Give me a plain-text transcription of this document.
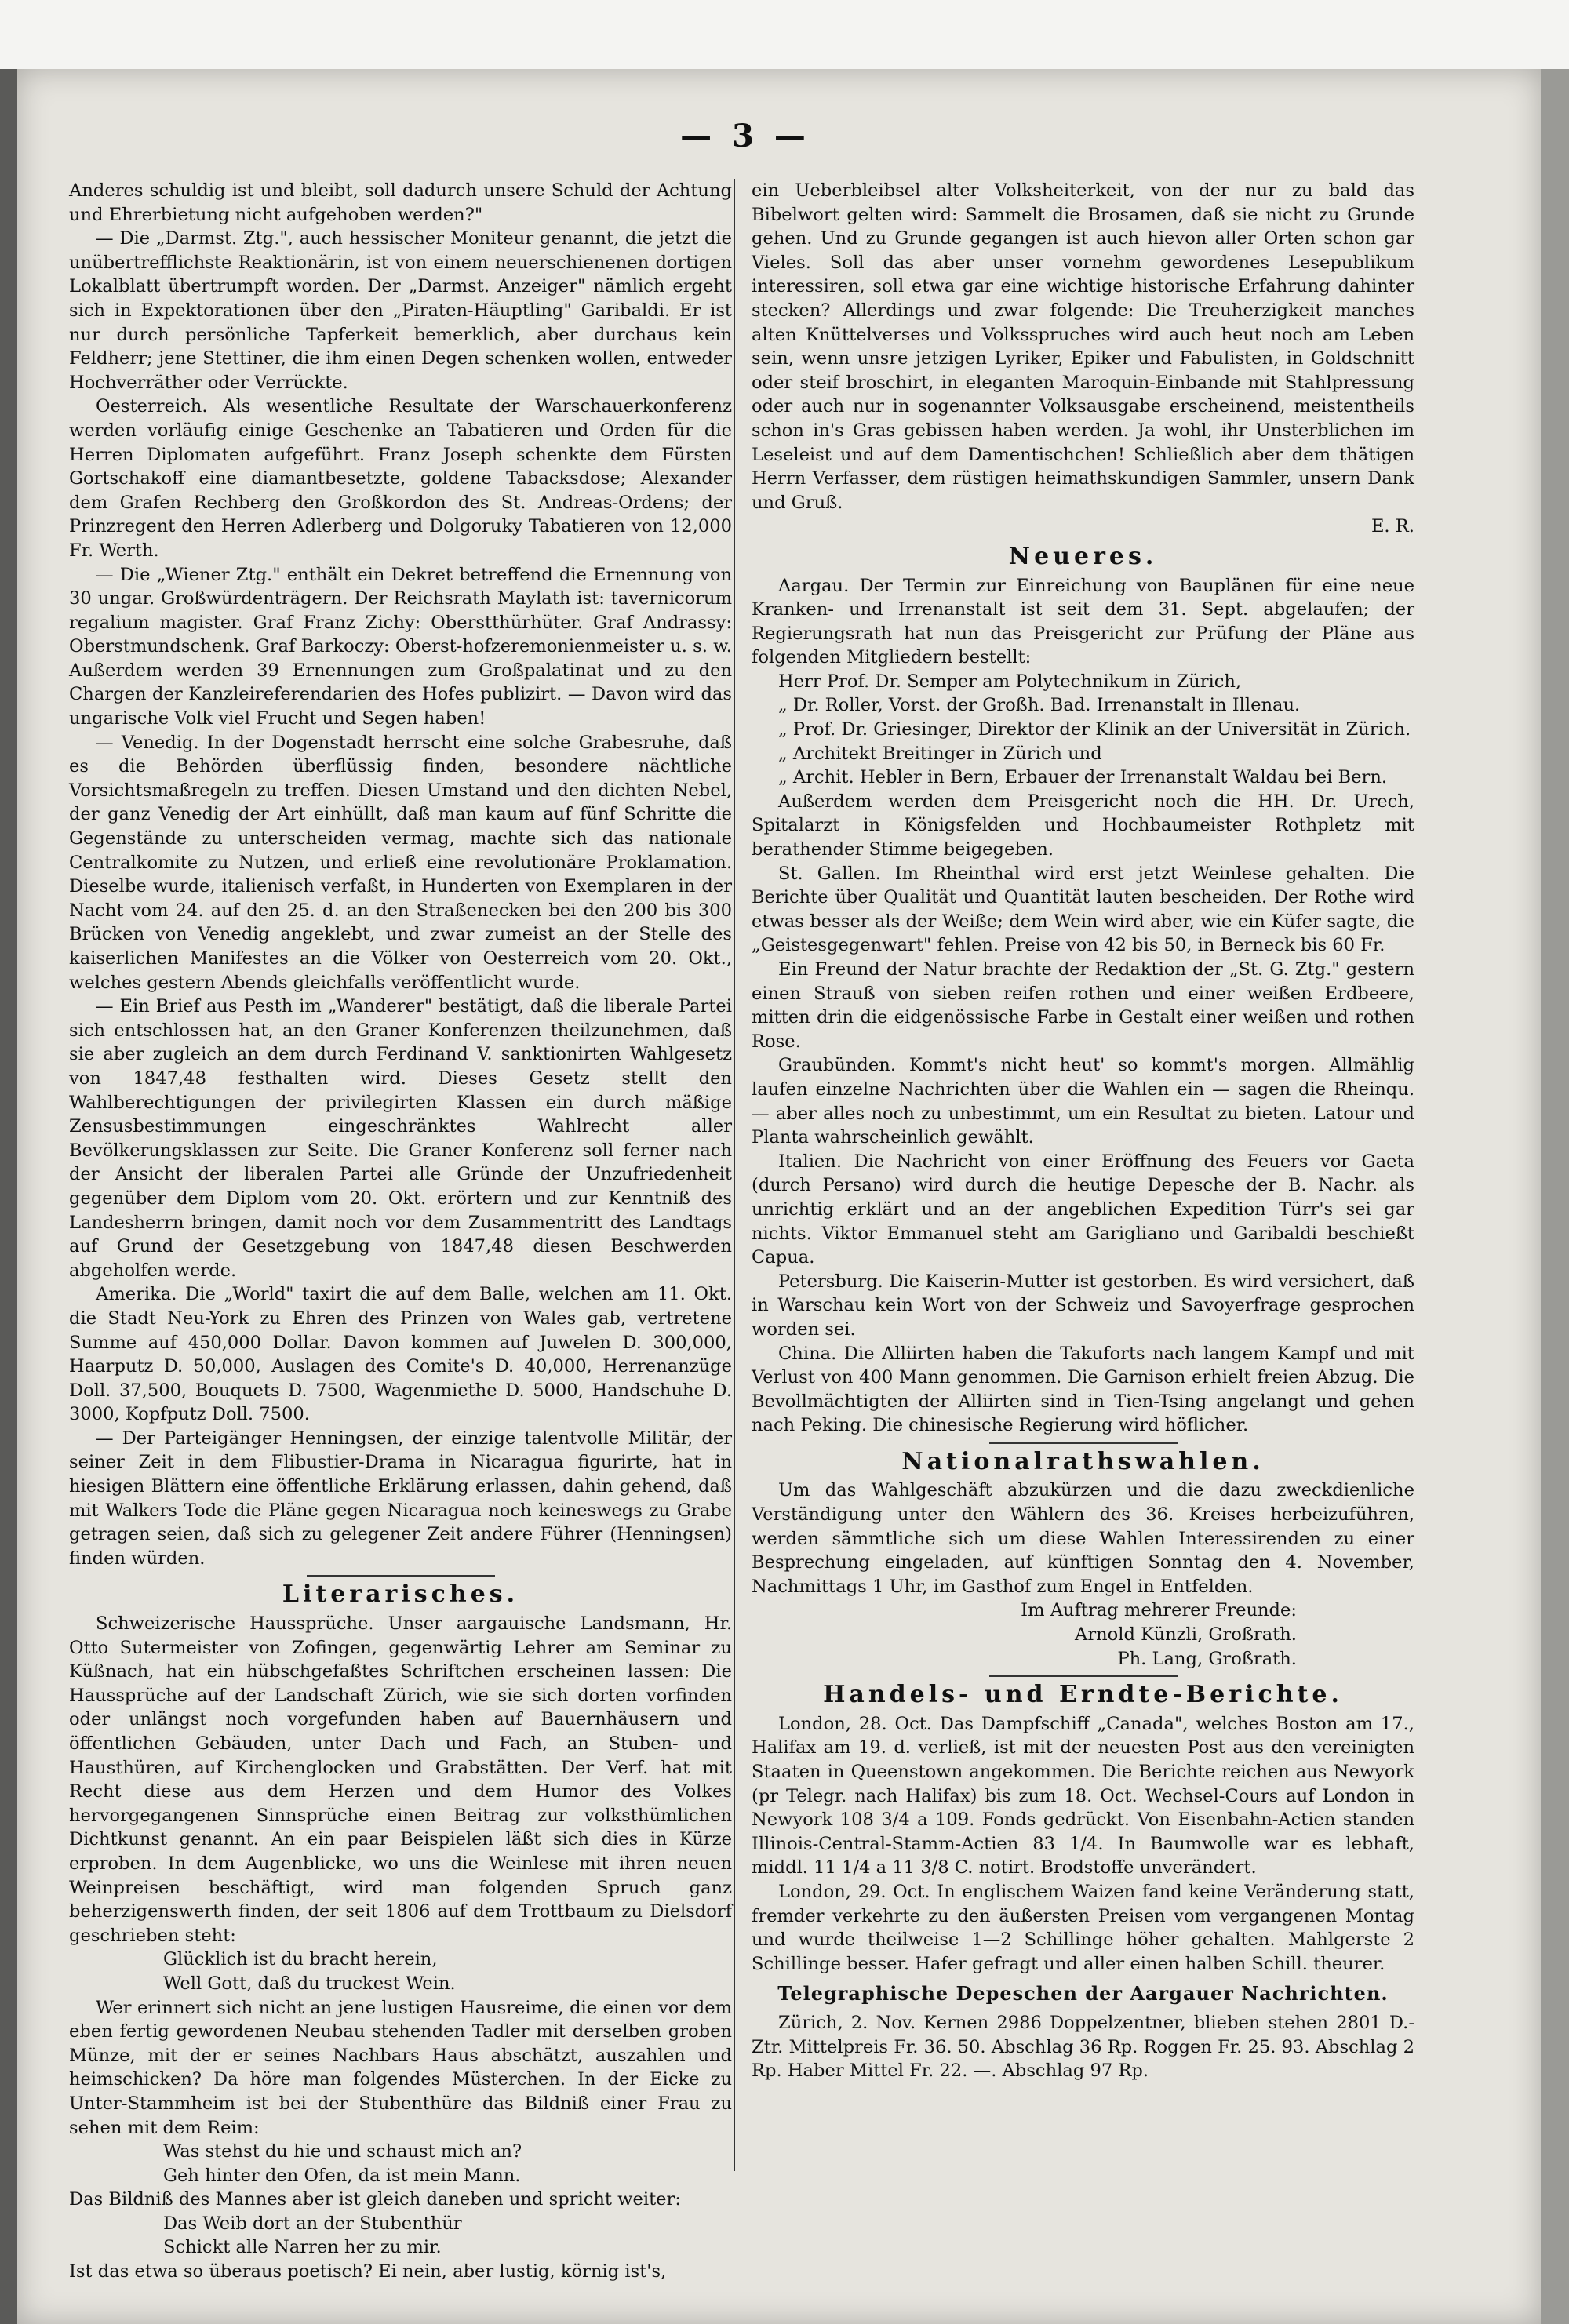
— 3 —

Anderes schuldig ist und bleibt, soll dadurch unsere Schuld der Achtung und Ehrerbietung nicht aufgehoben werden?"

— Die „Darmst. Ztg.", auch hessischer Moniteur genannt, die jetzt die unübertrefflichste Reaktionärin, ist von einem neuerschienenen dortigen Lokalblatt übertrumpft worden. Der „Darmst. Anzeiger" nämlich ergeht sich in Expektorationen über den „Piraten-Häuptling" Garibaldi. Er ist nur durch persönliche Tapferkeit bemerklich, aber durchaus kein Feldherr; jene Stettiner, die ihm einen Degen schenken wollen, entweder Hochverräther oder Verrückte.

Oesterreich. Als wesentliche Resultate der Warschauerkonferenz werden vorläufig einige Geschenke an Tabatieren und Orden für die Herren Diplomaten aufgeführt. Franz Joseph schenkte dem Fürsten Gortschakoff eine diamantbesetzte, goldene Tabacksdose; Alexander dem Grafen Rechberg den Großkordon des St. Andreas-Ordens; der Prinzregent den Herren Adlerberg und Dolgoruky Tabatieren von 12,000 Fr. Werth.

— Die „Wiener Ztg." enthält ein Dekret betreffend die Ernennung von 30 ungar. Großwürdenträgern. Der Reichsrath Maylath ist: tavernicorum regalium magister. Graf Franz Zichy: Oberstthürhüter. Graf Andrassy: Oberstmundschenk. Graf Barkoczy: Oberst-hofzeremonienmeister u. s. w. Außerdem werden 39 Ernennungen zum Großpalatinat und zu den Chargen der Kanzleireferendarien des Hofes publizirt. — Davon wird das ungarische Volk viel Frucht und Segen haben!

— Venedig. In der Dogenstadt herrscht eine solche Grabesruhe, daß es die Behörden überflüssig finden, besondere nächtliche Vorsichtsmaßregeln zu treffen. Diesen Umstand und den dichten Nebel, der ganz Venedig der Art einhüllt, daß man kaum auf fünf Schritte die Gegenstände zu unterscheiden vermag, machte sich das nationale Centralkomite zu Nutzen, und erließ eine revolutionäre Proklamation. Dieselbe wurde, italienisch verfaßt, in Hunderten von Exemplaren in der Nacht vom 24. auf den 25. d. an den Straßenecken bei den 200 bis 300 Brücken von Venedig angeklebt, und zwar zumeist an der Stelle des kaiserlichen Manifestes an die Völker von Oesterreich vom 20. Okt., welches gestern Abends gleichfalls veröffentlicht wurde.

— Ein Brief aus Pesth im „Wanderer" bestätigt, daß die liberale Partei sich entschlossen hat, an den Graner Konferenzen theilzunehmen, daß sie aber zugleich an dem durch Ferdinand V. sanktionirten Wahlgesetz von 1847,48 festhalten wird. Dieses Gesetz stellt den Wahlberechtigungen der privilegirten Klassen ein durch mäßige Zensusbestimmungen eingeschränktes Wahlrecht aller Bevölkerungsklassen zur Seite. Die Graner Konferenz soll ferner nach der Ansicht der liberalen Partei alle Gründe der Unzufriedenheit gegenüber dem Diplom vom 20. Okt. erörtern und zur Kenntniß des Landesherrn bringen, damit noch vor dem Zusammentritt des Landtags auf Grund der Gesetzgebung von 1847,48 diesen Beschwerden abgeholfen werde.

Amerika. Die „World" taxirt die auf dem Balle, welchen am 11. Okt. die Stadt Neu-York zu Ehren des Prinzen von Wales gab, vertretene Summe auf 450,000 Dollar. Davon kommen auf Juwelen D. 300,000, Haarputz D. 50,000, Auslagen des Comite's D. 40,000, Herrenanzüge Doll. 37,500, Bouquets D. 7500, Wagenmiethe D. 5000, Handschuhe D. 3000, Kopfputz Doll. 7500.

— Der Parteigänger Henningsen, der einzige talentvolle Militär, der seiner Zeit in dem Flibustier-Drama in Nicaragua figurirte, hat in hiesigen Blättern eine öffentliche Erklärung erlassen, dahin gehend, daß mit Walkers Tode die Pläne gegen Nicaragua noch keineswegs zu Grabe getragen seien, daß sich zu gelegener Zeit andere Führer (Henningsen) finden würden.

Literarisches.

Schweizerische Haussprüche. Unser aargauische Landsmann, Hr. Otto Sutermeister von Zofingen, gegenwärtig Lehrer am Seminar zu Küßnach, hat ein hübschgefaßtes Schriftchen erscheinen lassen: Die Haussprüche auf der Landschaft Zürich, wie sie sich dorten vorfinden oder unlängst noch vorgefunden haben auf Bauernhäusern und öffentlichen Gebäuden, unter Dach und Fach, an Stuben- und Hausthüren, auf Kirchenglocken und Grabstätten. Der Verf. hat mit Recht diese aus dem Herzen und dem Humor des Volkes hervorgegangenen Sinnsprüche einen Beitrag zur volksthümlichen Dichtkunst genannt. An ein paar Beispielen läßt sich dies in Kürze erproben. In dem Augenblicke, wo uns die Weinlese mit ihren neuen Weinpreisen beschäftigt, wird man folgenden Spruch ganz beherzigenswerth finden, der seit 1806 auf dem Trottbaum zu Dielsdorf geschrieben steht:

Glücklich ist du bracht herein,

Well Gott, daß du truckest Wein.

Wer erinnert sich nicht an jene lustigen Hausreime, die einen vor dem eben fertig gewordenen Neubau stehenden Tadler mit derselben groben Münze, mit der er seines Nachbars Haus abschätzt, auszahlen und heimschicken? Da höre man folgendes Müsterchen. In der Eicke zu Unter-Stammheim ist bei der Stubenthüre das Bildniß einer Frau zu sehen mit dem Reim:

Was stehst du hie und schaust mich an?

Geh hinter den Ofen, da ist mein Mann.

Das Bildniß des Mannes aber ist gleich daneben und spricht weiter:

Das Weib dort an der Stubenthür

Schickt alle Narren her zu mir.

Ist das etwa so überaus poetisch? Ei nein, aber lustig, körnig ist's,

ein Ueberbleibsel alter Volksheiterkeit, von der nur zu bald das Bibelwort gelten wird: Sammelt die Brosamen, daß sie nicht zu Grunde gehen. Und zu Grunde gegangen ist auch hievon aller Orten schon gar Vieles. Soll das aber unser vornehm gewordenes Lesepublikum interessiren, soll etwa gar eine wichtige historische Erfahrung dahinter stecken? Allerdings und zwar folgende: Die Treuherzigkeit manches alten Knüttelverses und Volksspruches wird auch heut noch am Leben sein, wenn unsre jetzigen Lyriker, Epiker und Fabulisten, in Goldschnitt oder steif broschirt, in eleganten Maroquin-Einbande mit Stahlpressung oder auch nur in sogenannter Volksausgabe erscheinend, meistentheils schon in's Gras gebissen haben werden. Ja wohl, ihr Unsterblichen im Leseleist und auf dem Damentischchen! Schließlich aber dem thätigen Herrn Verfasser, dem rüstigen heimathskundigen Sammler, unsern Dank und Gruß.

E. R.

Neueres.

Aargau. Der Termin zur Einreichung von Bauplänen für eine neue Kranken- und Irrenanstalt ist seit dem 31. Sept. abgelaufen; der Regierungsrath hat nun das Preisgericht zur Prüfung der Pläne aus folgenden Mitgliedern bestellt:

Herr Prof. Dr. Semper am Polytechnikum in Zürich,

„ Dr. Roller, Vorst. der Großh. Bad. Irrenanstalt in Illenau.

„ Prof. Dr. Griesinger, Direktor der Klinik an der Universität in Zürich.

„ Architekt Breitinger in Zürich und

„ Archit. Hebler in Bern, Erbauer der Irrenanstalt Waldau bei Bern.

Außerdem werden dem Preisgericht noch die HH. Dr. Urech, Spitalarzt in Königsfelden und Hochbaumeister Rothpletz mit berathender Stimme beigegeben.

St. Gallen. Im Rheinthal wird erst jetzt Weinlese gehalten. Die Berichte über Qualität und Quantität lauten bescheiden. Der Rothe wird etwas besser als der Weiße; dem Wein wird aber, wie ein Küfer sagte, die „Geistesgegenwart" fehlen. Preise von 42 bis 50, in Berneck bis 60 Fr.

Ein Freund der Natur brachte der Redaktion der „St. G. Ztg." gestern einen Strauß von sieben reifen rothen und einer weißen Erdbeere, mitten drin die eidgenössische Farbe in Gestalt einer weißen und rothen Rose.

Graubünden. Kommt's nicht heut' so kommt's morgen. Allmählig laufen einzelne Nachrichten über die Wahlen ein — sagen die Rheinqu. — aber alles noch zu unbestimmt, um ein Resultat zu bieten. Latour und Planta wahrscheinlich gewählt.

Italien. Die Nachricht von einer Eröffnung des Feuers vor Gaeta (durch Persano) wird durch die heutige Depesche der B. Nachr. als unrichtig erklärt und an der angeblichen Expedition Türr's sei gar nichts. Viktor Emmanuel steht am Garigliano und Garibaldi beschießt Capua.

Petersburg. Die Kaiserin-Mutter ist gestorben. Es wird versichert, daß in Warschau kein Wort von der Schweiz und Savoyerfrage gesprochen worden sei.

China. Die Alliirten haben die Takuforts nach langem Kampf und mit Verlust von 400 Mann genommen. Die Garnison erhielt freien Abzug. Die Bevollmächtigten der Alliirten sind in Tien-Tsing angelangt und gehen nach Peking. Die chinesische Regierung wird höflicher.

Nationalrathswahlen.

Um das Wahlgeschäft abzukürzen und die dazu zweckdienliche Verständigung unter den Wählern des 36. Kreises herbeizuführen, werden sämmtliche sich um diese Wahlen Interessirenden zu einer Besprechung eingeladen, auf künftigen Sonntag den 4. November, Nachmittags 1 Uhr, im Gasthof zum Engel in Entfelden.

Im Auftrag mehrerer Freunde:

Arnold Künzli, Großrath.

Ph. Lang, Großrath.

Handels- und Erndte-Berichte.

London, 28. Oct. Das Dampfschiff „Canada", welches Boston am 17., Halifax am 19. d. verließ, ist mit der neuesten Post aus den vereinigten Staaten in Queenstown angekommen. Die Berichte reichen aus Newyork (pr Telegr. nach Halifax) bis zum 18. Oct. Wechsel-Cours auf London in Newyork 108 3/4 a 109. Fonds gedrückt. Von Eisenbahn-Actien standen Illinois-Central-Stamm-Actien 83 1/4. In Baumwolle war es lebhaft, middl. 11 1/4 a 11 3/8 C. notirt. Brodstoffe unverändert.

London, 29. Oct. In englischem Waizen fand keine Veränderung statt, fremder verkehrte zu den äußersten Preisen vom vergangenen Montag und wurde theilweise 1—2 Schillinge höher gehalten. Mahlgerste 2 Schillinge besser. Hafer gefragt und aller einen halben Schill. theurer.

Telegraphische Depeschen der Aargauer Nachrichten.

Zürich, 2. Nov. Kernen 2986 Doppelzentner, blieben stehen 2801 D.-Ztr. Mittelpreis Fr. 36. 50. Abschlag 36 Rp. Roggen Fr. 25. 93. Abschlag 2 Rp. Haber Mittel Fr. 22. —. Abschlag 97 Rp.
